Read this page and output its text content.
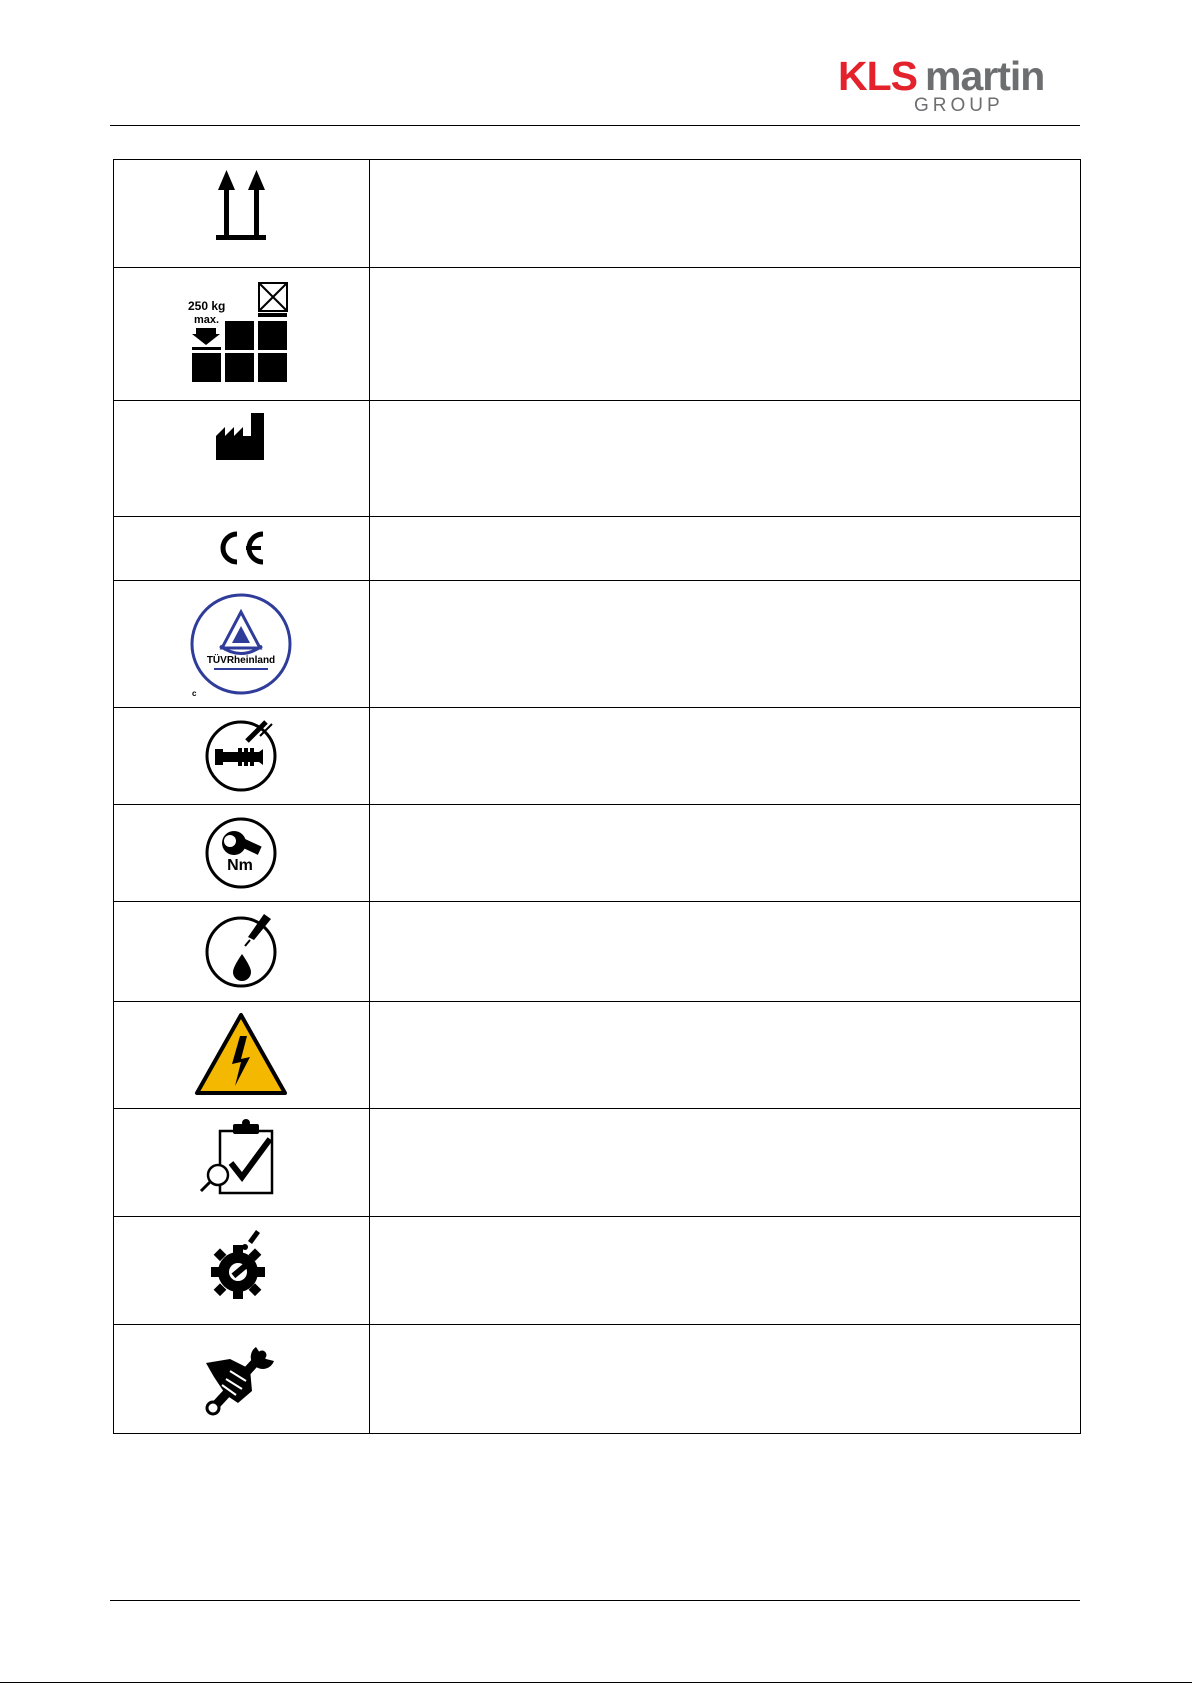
KLS martin
GROUP

250 kg
max.	

TÜVRheinland
c	

Nm	
